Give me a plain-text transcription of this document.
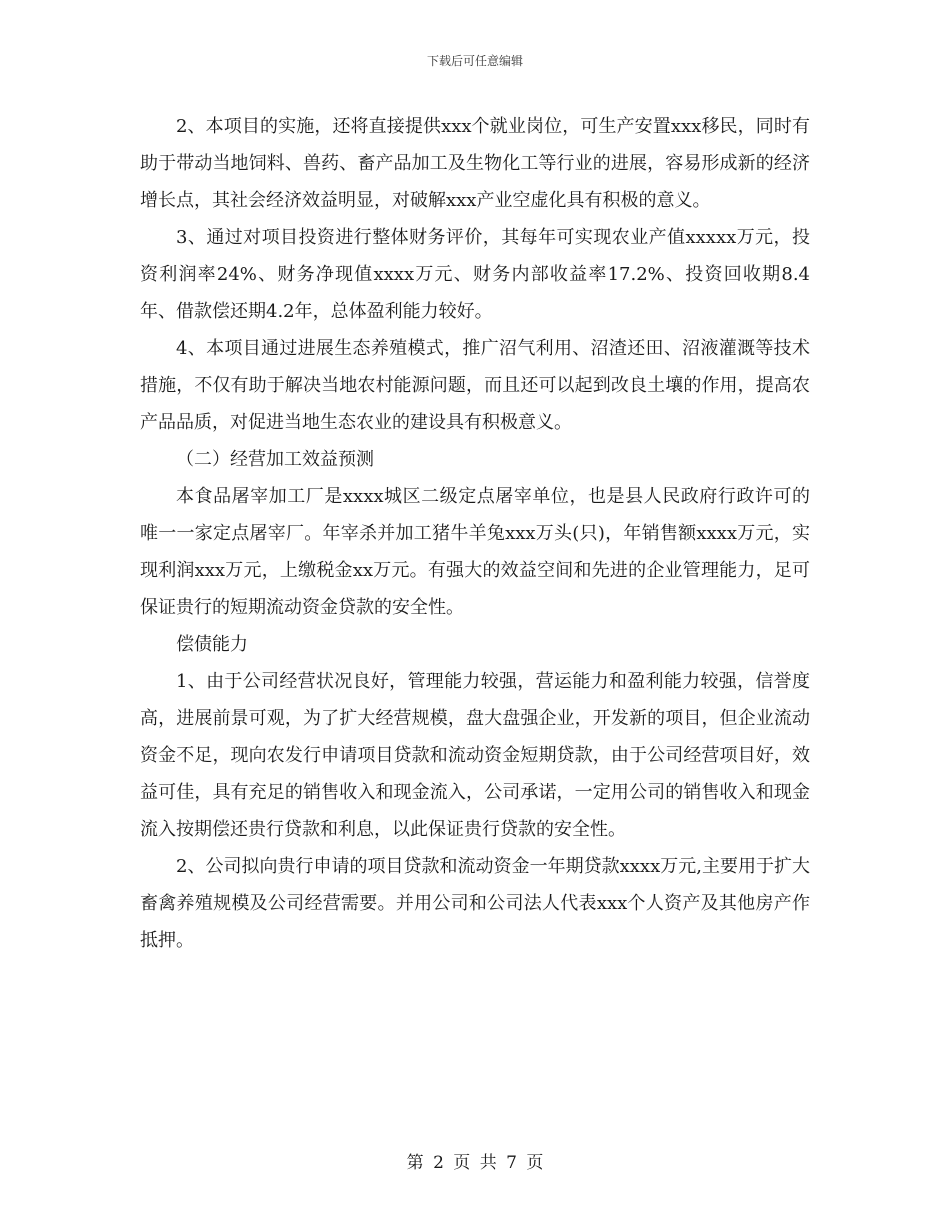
下载后可任意编辑

2、本项目的实施，还将直接提供xxx个就业岗位，可生产安置xxx移民，同时有助于带动当地饲料、兽药、畜产品加工及生物化工等行业的进展，容易形成新的经济增长点，其社会经济效益明显，对破解xxx产业空虚化具有积极的意义。

3、通过对项目投资进行整体财务评价，其每年可实现农业产值xxxxx万元，投资利润率24%、财务净现值xxxx万元、财务内部收益率17.2%、投资回收期8.4年、借款偿还期4.2年，总体盈利能力较好。

4、本项目通过进展生态养殖模式，推广沼气利用、沼渣还田、沼液灌溉等技术措施，不仅有助于解决当地农村能源问题，而且还可以起到改良土壤的作用，提高农产品品质，对促进当地生态农业的建设具有积极意义。

（二）经营加工效益预测

本食品屠宰加工厂是xxxx城区二级定点屠宰单位，也是县人民政府行政许可的唯一一家定点屠宰厂。年宰杀并加工猪牛羊兔xxx万头(只)，年销售额xxxx万元，实现利润xxx万元，上缴税金xx万元。有强大的效益空间和先进的企业管理能力，足可保证贵行的短期流动资金贷款的安全性。

偿债能力

1、由于公司经营状况良好，管理能力较强，营运能力和盈利能力较强，信誉度高，进展前景可观，为了扩大经营规模，盘大盘强企业，开发新的项目，但企业流动资金不足，现向农发行申请项目贷款和流动资金短期贷款，由于公司经营项目好，效益可佳，具有充足的销售收入和现金流入，公司承诺，一定用公司的销售收入和现金流入按期偿还贵行贷款和利息，以此保证贵行贷款的安全性。

2、公司拟向贵行申请的项目贷款和流动资金一年期贷款xxxx万元,主要用于扩大畜禽养殖规模及公司经营需要。并用公司和公司法人代表xxx个人资产及其他房产作抵押。

第 2 页 共 7 页
